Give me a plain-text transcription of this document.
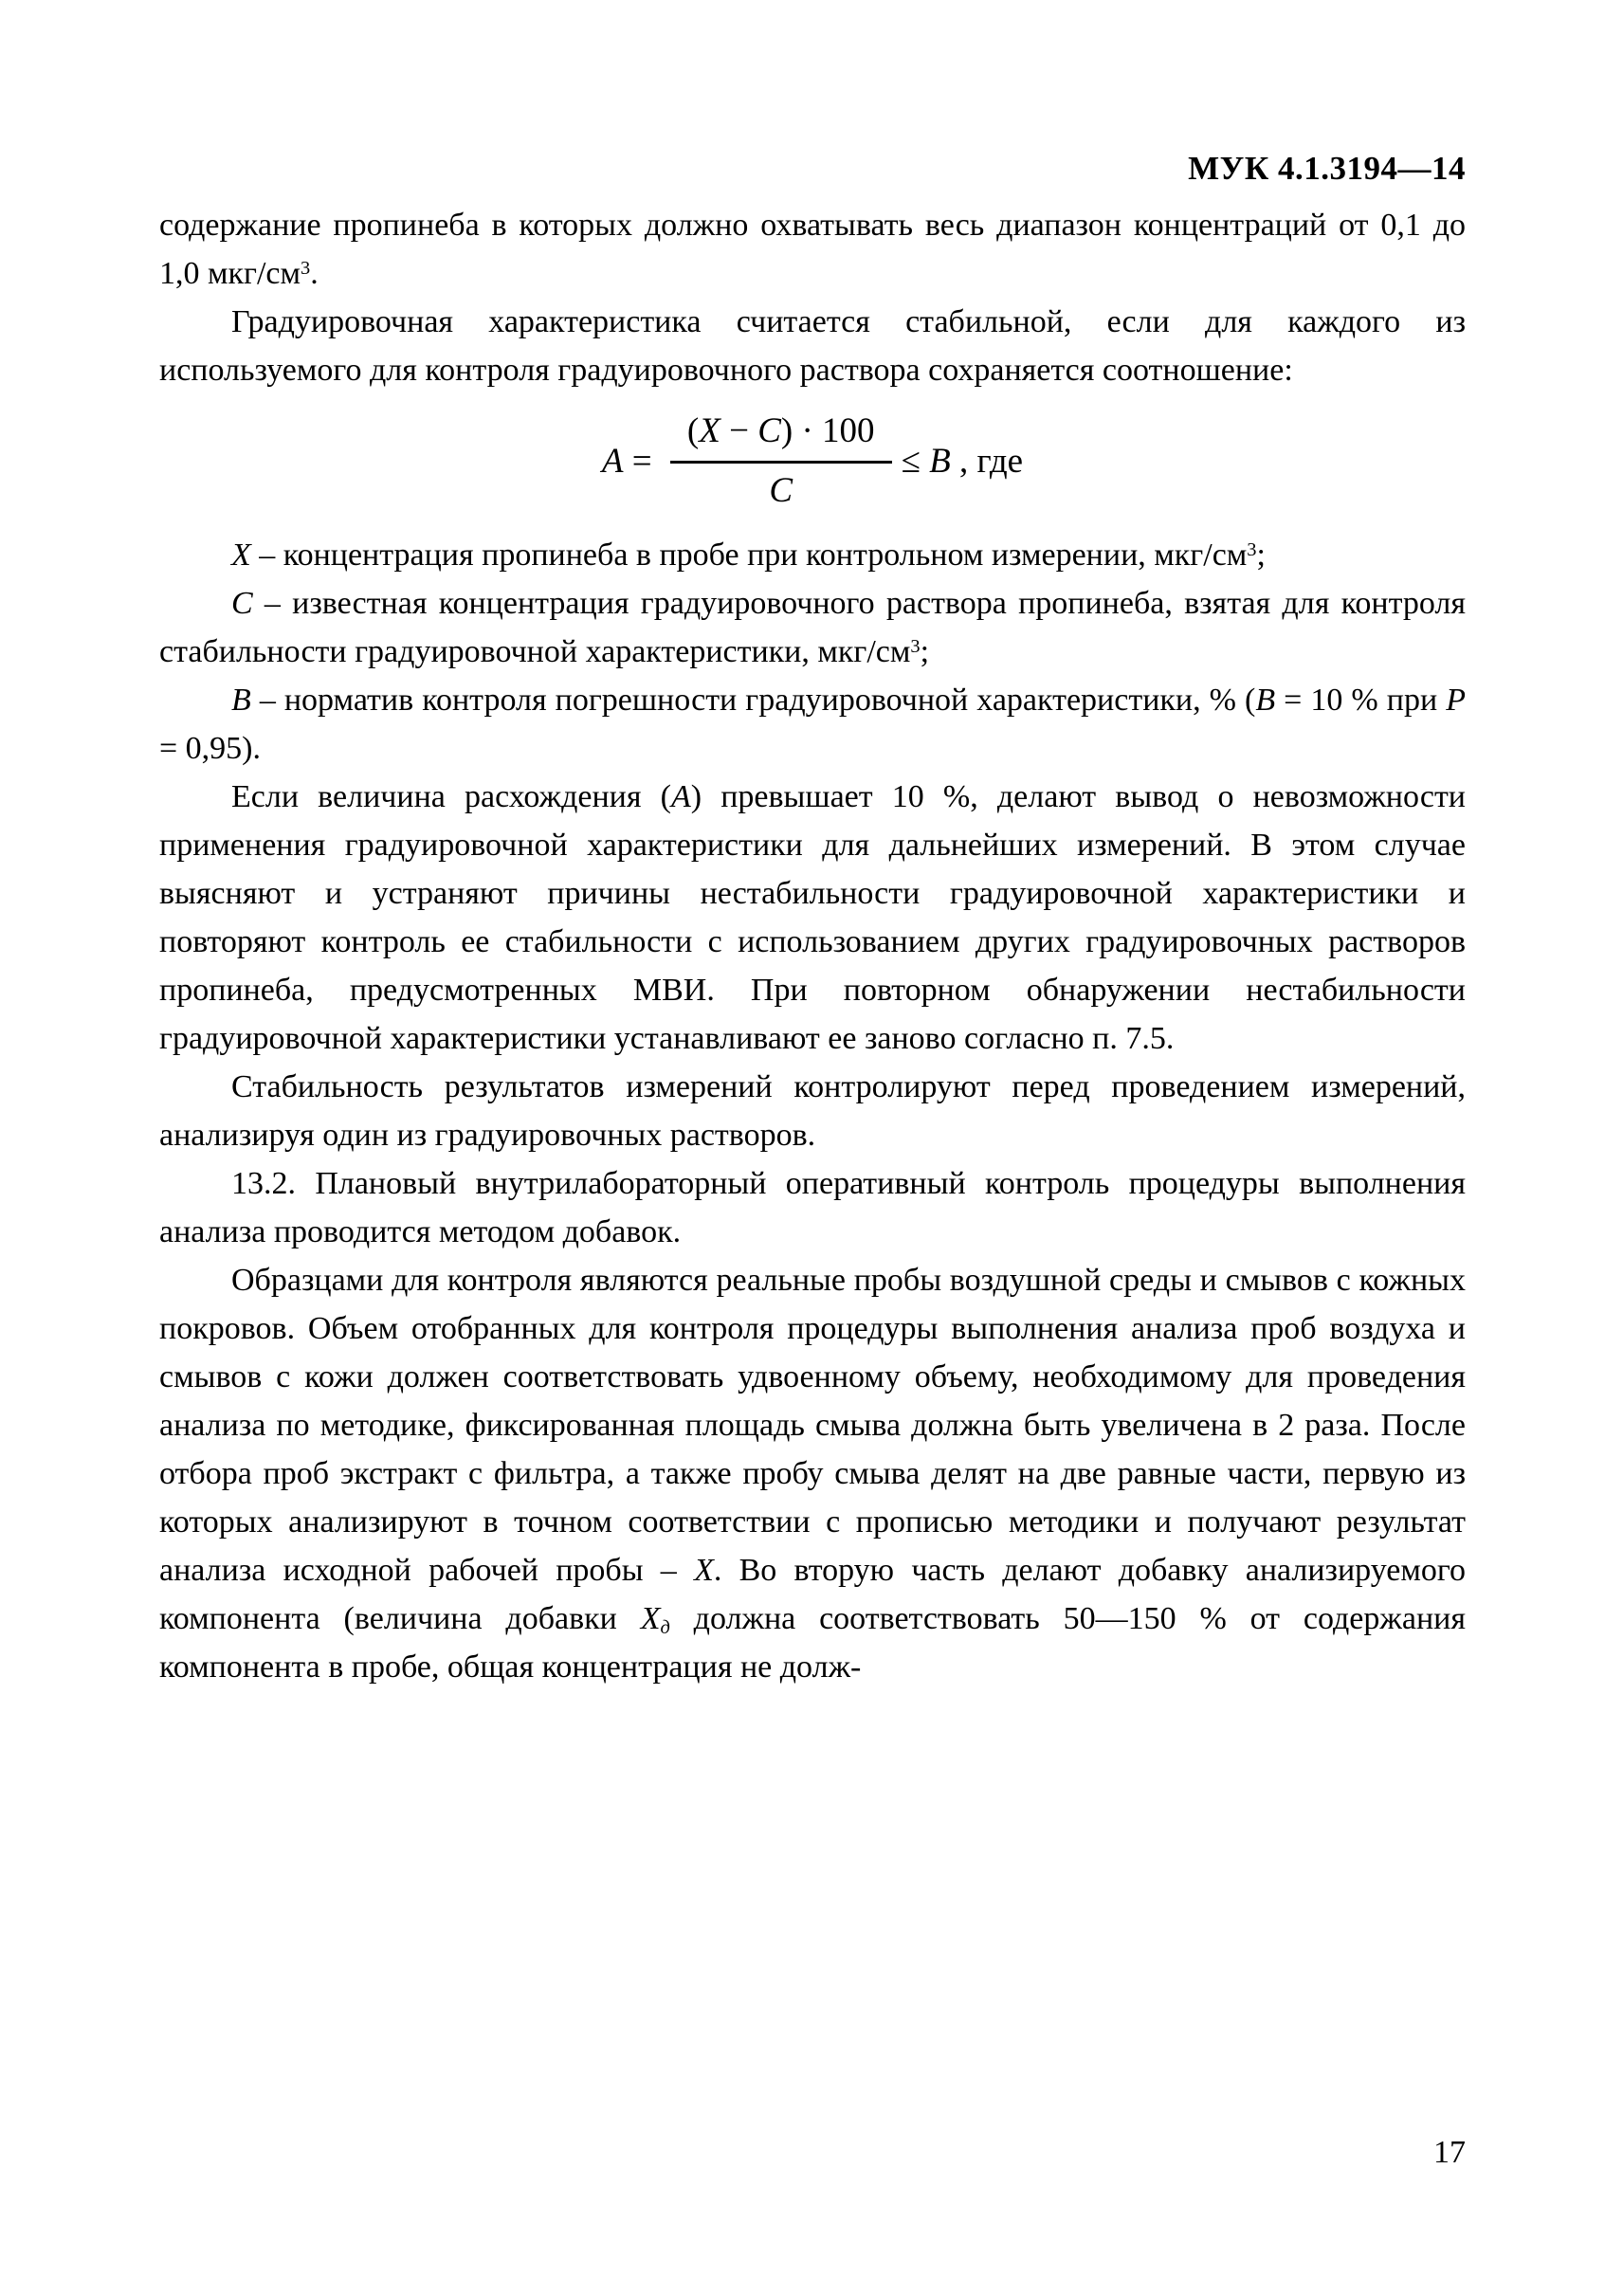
МУК 4.1.3194—14

содержание пропинеба в которых должно охватывать весь диапазон концентраций от 0,1 до 1,0 мкг/$см^3$.

Градуировочная характеристика считается стабильной, если для каждого из используемого для контроля градуировочного раствора сохраняется соотношение:

$A = \frac{(X - C) \cdot 100}{C} \le B$ , где

X – концентрация пропинеба в пробе при контрольном измерении, мкг/$см^3$;

C – известная концентрация градуировочного раствора пропинеба, взятая для контроля стабильности градуировочной характеристики, мкг/$см^3$;

B – норматив контроля погрешности градуировочной характеристики, % (B = 10 % при P = 0,95).

Если величина расхождения (A) превышает 10 %, делают вывод о невозможности применения градуировочной характеристики для дальнейших измерений. В этом случае выясняют и устраняют причины нестабильности градуировочной характеристики и повторяют контроль ее стабильности с использованием других градуировочных растворов пропинеба, предусмотренных МВИ. При повторном обнаружении нестабильности градуировочной характеристики устанавливают ее заново согласно п. 7.5.

Стабильность результатов измерений контролируют перед проведением измерений, анализируя один из градуировочных растворов.

13.2. Плановый внутрилабораторный оперативный контроль процедуры выполнения анализа проводится методом добавок.

Образцами для контроля являются реальные пробы воздушной среды и смывов с кожных покровов. Объем отобранных для контроля процедуры выполнения анализа проб воздуха и смывов с кожи должен соответствовать удвоенному объему, необходимому для проведения анализа по методике, фиксированная площадь смыва должна быть увеличена в 2 раза. После отбора проб экстракт с фильтра, а также пробу смыва делят на две равные части, первую из которых анализируют в точном соответствии с прописью методики и получают результат анализа исходной рабочей пробы – X. Во вторую часть делают добавку анализируемого компонента (величина добавки $X_д$ должна соответствовать 50—150 % от содержания компонента в пробе, общая концентрация не долж-

17
